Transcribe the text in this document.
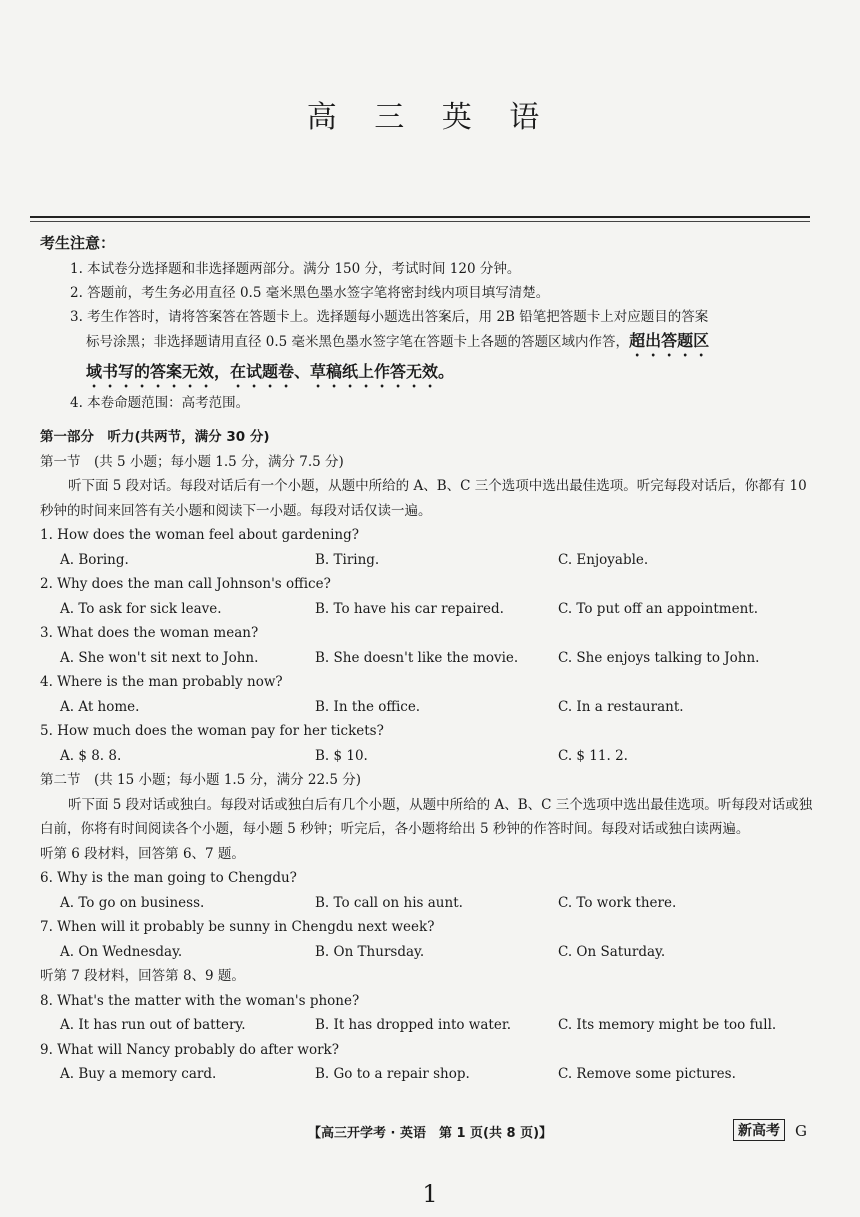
高 三 英 语
考生注意：
1. 本试卷分选择题和非选择题两部分。满分 150 分，考试时间 120 分钟。
2. 答题前，考生务必用直径 0.5 毫米黑色墨水签字笔将密封线内项目填写清楚。
3. 考生作答时，请将答案答在答题卡上。选择题每小题选出答案后，用 2B 铅笔把答题卡上对应题目的答案
标号涂黑；非选择题请用直径 0.5 毫米黑色墨水签字笔在答题卡上各题的答题区域内作答，超出答题区
域书写的答案无效，在试题卷、草稿纸上作答无效。
4. 本卷命题范围：高考范围。
第一部分　听力(共两节，满分 30 分)
第一节　(共 5 小题；每小题 1.5 分，满分 7.5 分)
听下面 5 段对话。每段对话后有一个小题，从题中所给的 A、B、C 三个选项中选出最佳选项。听完每段对话后，你都有 10 秒钟的时间来回答有关小题和阅读下一小题。每段对话仅读一遍。
1. How does the woman feel about gardening?
A. Boring.	B. Tiring.	C. Enjoyable.
2. Why does the man call Johnson's office?
A. To ask for sick leave.	B. To have his car repaired.	C. To put off an appointment.
3. What does the woman mean?
A. She won't sit next to John.	B. She doesn't like the movie.	C. She enjoys talking to John.
4. Where is the man probably now?
A. At home.	B. In the office.	C. In a restaurant.
5. How much does the woman pay for her tickets?
A. $ 8. 8.	B. $ 10.	C. $ 11. 2.
第二节　(共 15 小题；每小题 1.5 分，满分 22.5 分)
听下面 5 段对话或独白。每段对话或独白后有几个小题，从题中所给的 A、B、C 三个选项中选出最佳选项。听每段对话或独白前，你将有时间阅读各个小题，每小题 5 秒钟；听完后，各小题将给出 5 秒钟的作答时间。每段对话或独白读两遍。
听第 6 段材料，回答第 6、7 题。
6. Why is the man going to Chengdu?
A. To go on business.	B. To call on his aunt.	C. To work there.
7. When will it probably be sunny in Chengdu next week?
A. On Wednesday.	B. On Thursday.	C. On Saturday.
听第 7 段材料，回答第 8、9 题。
8. What's the matter with the woman's phone?
A. It has run out of battery.	B. It has dropped into water.	C. Its memory might be too full.
9. What will Nancy probably do after work?
A. Buy a memory card.	B. Go to a repair shop.	C. Remove some pictures.
【高三开学考 · 英语　第 1 页(共 8 页)】	新高考	G
1
